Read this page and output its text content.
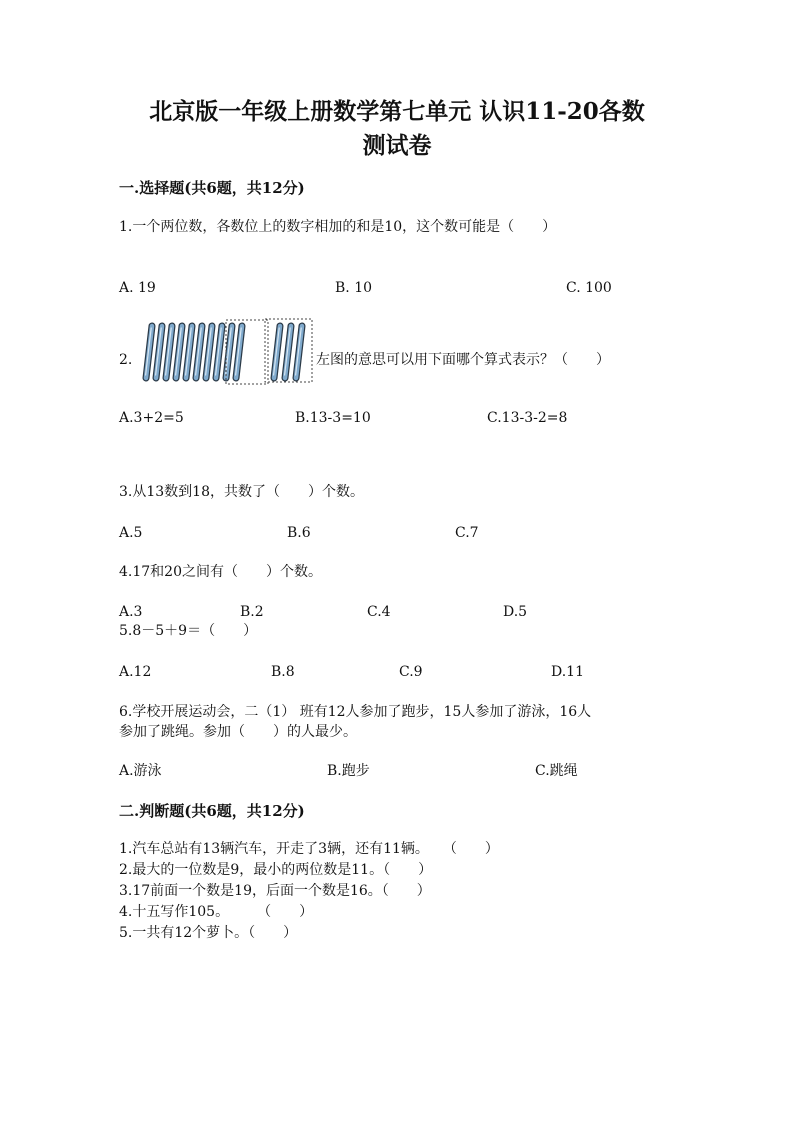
北京版一年级上册数学第七单元 认识11-20各数
测试卷
一.选择题(共6题，共12分)
1.一个两位数，各数位上的数字相加的和是10，这个数可能是（　　）
A. 19	B. 10	C. 100
2.	左图的意思可以用下面哪个算式表示？（　　）
A.3+2=5	B.13-3=10	C.13-3-2=8
3.从13数到18，共数了（　　）个数。
A.5	B.6	C.7
4.17和20之间有（　　）个数。
A.3	B.2	C.4	D.5
5.8－5＋9＝（　　）
A.12	B.8	C.9	D.11
6.学校开展运动会，二（1） 班有12人参加了跑步，15人参加了游泳，16人
参加了跳绳。参加（　　）的人最少。
A.游泳	B.跑步	C.跳绳
二.判断题(共6题，共12分)
1.汽车总站有13辆汽车，开走了3辆，还有11辆。　　（　　）
2.最大的一位数是9，最小的两位数是11。（　　）
3.17前面一个数是19，后面一个数是16。（　　）
4.十五写作105。　　　（　　）
5.一共有12个萝卜。（　　）
